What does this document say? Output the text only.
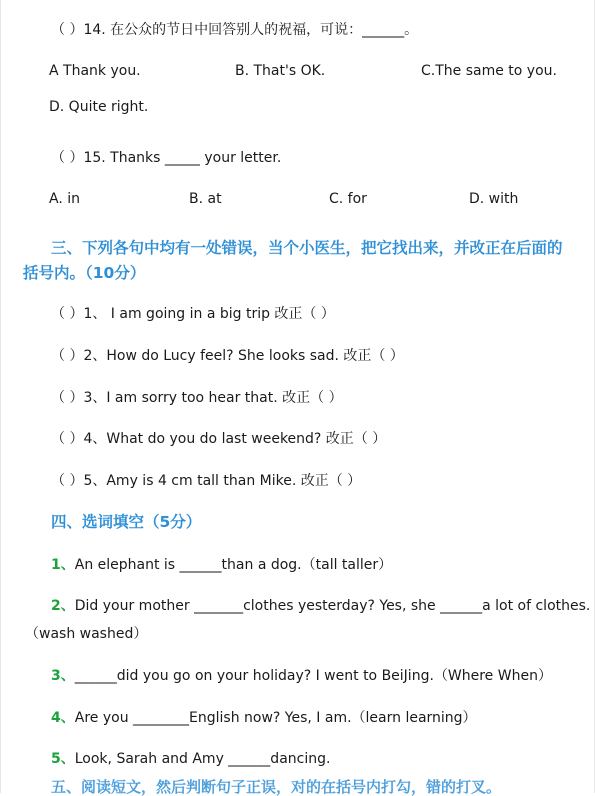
（ ）14. 在公众的节日中回答别人的祝福，可说：______。
A Thank you.	B. That's OK.	C.The same to you.
D. Quite right.
（ ）15. Thanks _____ your letter.
A. in	B. at	C. for	D. with
三、下列各句中均有一处错误，当个小医生，把它找出来，并改正在后面的
括号内。（10分）
（ ）1、 I am going in a big trip 改正（ ）
（ ）2、How do Lucy feel? She looks sad. 改正（ ）
（ ）3、I am sorry too hear that. 改正（ ）
（ ）4、What do you do last weekend? 改正（ ）
（ ）5、Amy is 4 cm tall than Mike. 改正（ ）
四、选词填空（5分）
1、An elephant is ______than a dog.（tall taller）
2、Did your mother _______clothes yesterday? Yes, she ______a lot of clothes.
（wash washed）
3、______did you go on your holiday? I went to BeiJing.（Where When）
4、Are you ________English now? Yes, I am.（learn learning）
5、Look, Sarah and Amy ______dancing.
五、阅读短文，然后判断句子正误，对的在括号内打勾，错的打叉。
